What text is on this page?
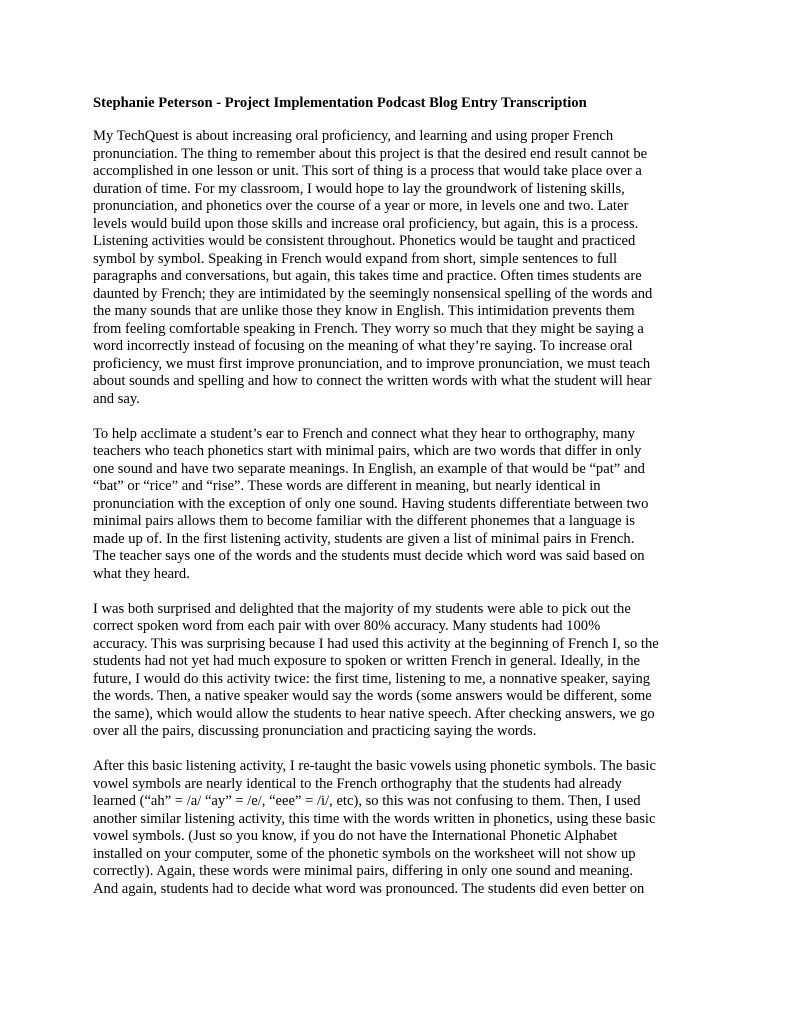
Stephanie Peterson - Project Implementation Podcast Blog Entry Transcription
My TechQuest is about increasing oral proficiency, and learning and using proper French
pronunciation. The thing to remember about this project is that the desired end result cannot be
accomplished in one lesson or unit. This sort of thing is a process that would take place over a
duration of time. For my classroom, I would hope to lay the groundwork of listening skills,
pronunciation, and phonetics over the course of a year or more, in levels one and two. Later
levels would build upon those skills and increase oral proficiency, but again, this is a process.
Listening activities would be consistent throughout. Phonetics would be taught and practiced
symbol by symbol. Speaking in French would expand from short, simple sentences to full
paragraphs and conversations, but again, this takes time and practice. Often times students are
daunted by French; they are intimidated by the seemingly nonsensical spelling of the words and
the many sounds that are unlike those they know in English. This intimidation prevents them
from feeling comfortable speaking in French. They worry so much that they might be saying a
word incorrectly instead of focusing on the meaning of what they’re saying. To increase oral
proficiency, we must first improve pronunciation, and to improve pronunciation, we must teach
about sounds and spelling and how to connect the written words with what the student will hear
and say.
To help acclimate a student’s ear to French and connect what they hear to orthography, many
teachers who teach phonetics start with minimal pairs, which are two words that differ in only
one sound and have two separate meanings. In English, an example of that would be “pat” and
“bat” or “rice” and “rise”. These words are different in meaning, but nearly identical in
pronunciation with the exception of only one sound. Having students differentiate between two
minimal pairs allows them to become familiar with the different phonemes that a language is
made up of. In the first listening activity, students are given a list of minimal pairs in French.
The teacher says one of the words and the students must decide which word was said based on
what they heard.
I was both surprised and delighted that the majority of my students were able to pick out the
correct spoken word from each pair with over 80% accuracy. Many students had 100%
accuracy. This was surprising because I had used this activity at the beginning of French I, so the
students had not yet had much exposure to spoken or written French in general. Ideally, in the
future, I would do this activity twice: the first time, listening to me, a nonnative speaker, saying
the words. Then, a native speaker would say the words (some answers would be different, some
the same), which would allow the students to hear native speech. After checking answers, we go
over all the pairs, discussing pronunciation and practicing saying the words.
After this basic listening activity, I re-taught the basic vowels using phonetic symbols. The basic
vowel symbols are nearly identical to the French orthography that the students had already
learned (“ah” = /a/ “ay” = /e/, “eee” = /i/, etc), so this was not confusing to them. Then, I used
another similar listening activity, this time with the words written in phonetics, using these basic
vowel symbols. (Just so you know, if you do not have the International Phonetic Alphabet
installed on your computer, some of the phonetic symbols on the worksheet will not show up
correctly). Again, these words were minimal pairs, differing in only one sound and meaning.
And again, students had to decide what word was pronounced. The students did even better on
